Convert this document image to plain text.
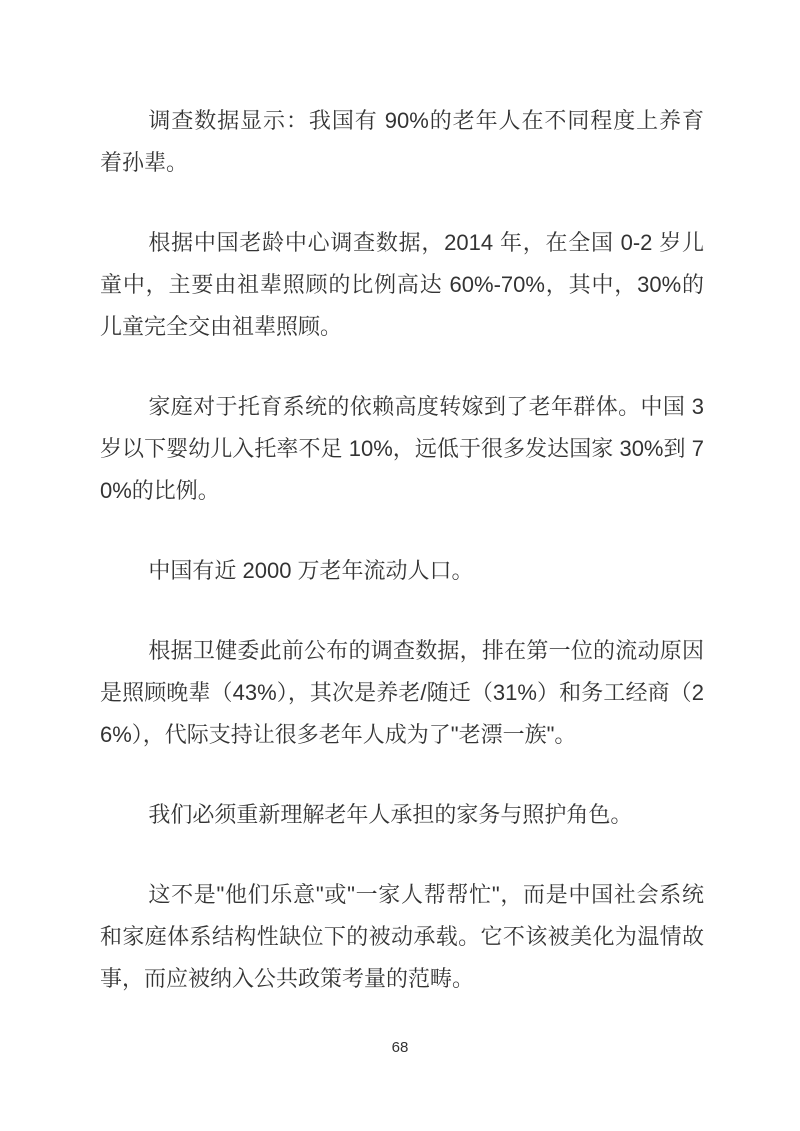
调查数据显示：我国有 90%的老年人在不同程度上养育着孙辈。

根据中国老龄中心调查数据，2014 年，在全国 0-2 岁儿童中，主要由祖辈照顾的比例高达 60%-70%，其中，30%的儿童完全交由祖辈照顾。

家庭对于托育系统的依赖高度转嫁到了老年群体。中国 3 岁以下婴幼儿入托率不足 10%，远低于很多发达国家 30%到 70%的比例。

中国有近 2000 万老年流动人口。

根据卫健委此前公布的调查数据，排在第一位的流动原因是照顾晚辈（43%），其次是养老/随迁（31%）和务工经商（26%），代际支持让很多老年人成为了"老漂一族"。

我们必须重新理解老年人承担的家务与照护角色。

这不是"他们乐意"或"一家人帮帮忙"，而是中国社会系统和家庭体系结构性缺位下的被动承载。它不该被美化为温情故事，而应被纳入公共政策考量的范畴。

68
